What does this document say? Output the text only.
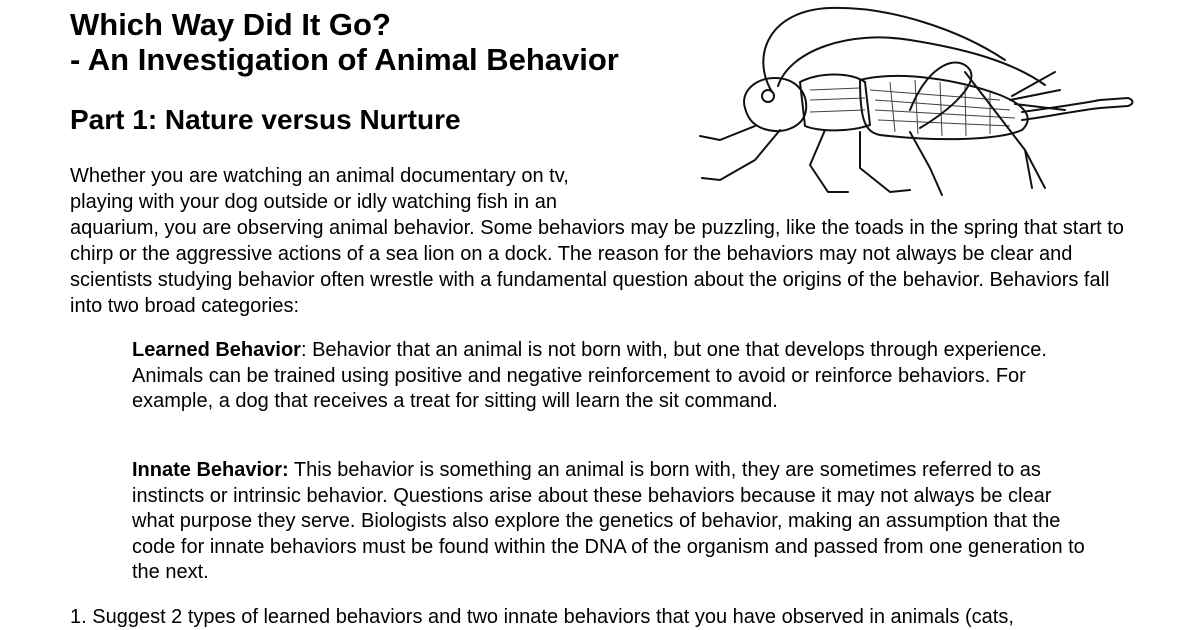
Which Way Did It Go?
- An Investigation of Animal Behavior
Part 1: Nature versus Nurture

Whether you are watching an animal documentary on tv,
playing with your dog outside or idly watching fish in an

aquarium, you are observing animal behavior. Some behaviors may be puzzling, like the toads in the spring that start to chirp or the aggressive actions of a sea lion on a dock. The reason for the behaviors may not always be clear and scientists studying behavior often wrestle with a fundamental question about the origins of the behavior. Behaviors fall into two broad categories:

Learned Behavior: Behavior that an animal is not born with, but one that develops through experience. Animals can be trained using positive and negative reinforcement to avoid or reinforce behaviors. For example, a dog that receives a treat for sitting will learn the sit command.

Innate Behavior: This behavior is something an animal is born with, they are sometimes referred to as instincts or intrinsic behavior. Questions arise about these behaviors because it may not always be clear what purpose they serve. Biologists also explore the genetics of behavior, making an assumption that the code for innate behaviors must be found within the DNA of the organism and passed from one generation to the next.

1. Suggest 2 types of learned behaviors and two innate behaviors that you have observed in animals (cats,
